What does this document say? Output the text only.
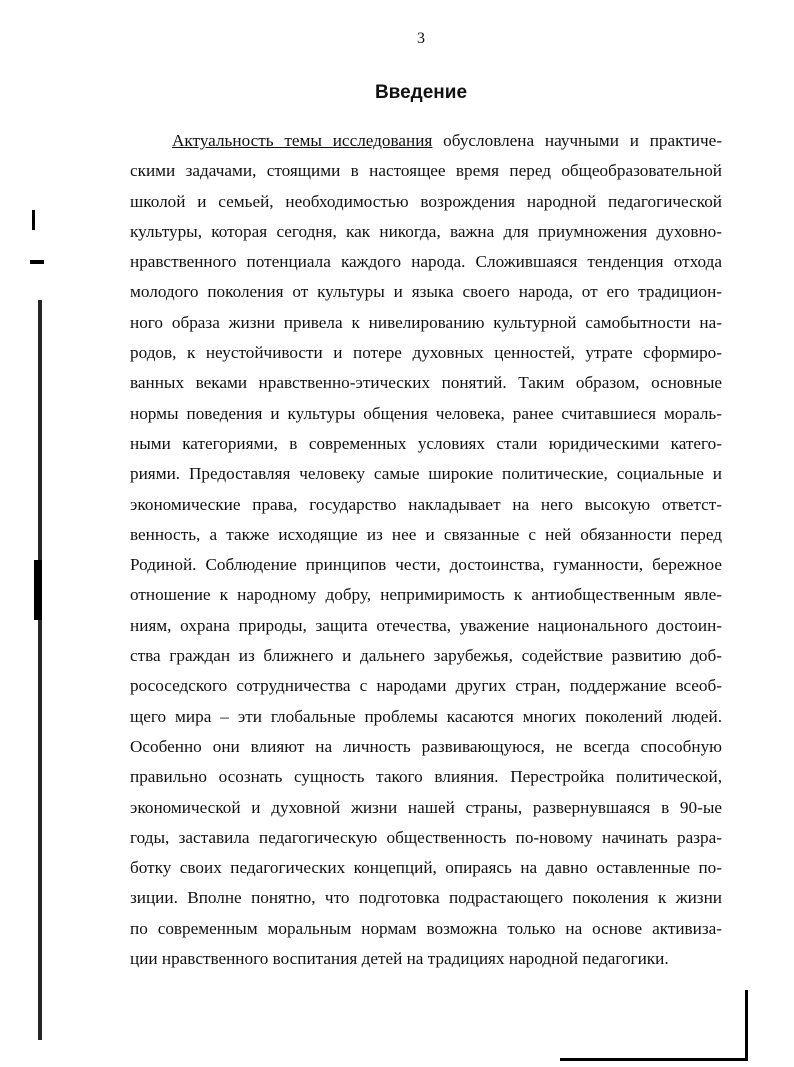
3
Введение
Актуальность темы исследования обусловлена научными и практиче-
скими задачами, стоящими в настоящее время перед общеобразовательной
школой и семьей, необходимостью возрождения народной педагогической
культуры, которая сегодня, как никогда, важна для приумножения духовно-
нравственного потенциала каждого народа. Сложившаяся тенденция отхода
молодого поколения от культуры и языка своего народа, от его традицион-
ного образа жизни привела к нивелированию культурной самобытности на-
родов, к неустойчивости и потере духовных ценностей, утрате сформиро-
ванных веками нравственно-этических понятий. Таким образом, основные
нормы поведения и культуры общения человека, ранее считавшиеся мораль-
ными категориями, в современных условиях стали юридическими катего-
риями. Предоставляя человеку самые широкие политические, социальные и
экономические права, государство накладывает на него высокую ответст-
венность, а также исходящие из нее и связанные с ней обязанности перед
Родиной. Соблюдение принципов чести, достоинства, гуманности, бережное
отношение к народному добру, непримиримость к антиобщественным явле-
ниям, охрана природы, защита отечества, уважение национального достоин-
ства граждан из ближнего и дальнего зарубежья, содействие развитию доб-
рососедского сотрудничества с народами других стран, поддержание всеоб-
щего мира – эти глобальные проблемы касаются многих поколений людей.
Особенно они влияют на личность развивающуюся, не всегда способную
правильно осознать сущность такого влияния. Перестройка политической,
экономической и духовной жизни нашей страны, развернувшаяся в 90-ые
годы, заставила педагогическую общественность по-новому начинать разра-
ботку своих педагогических концепций, опираясь на давно оставленные по-
зиции. Вполне понятно, что подготовка подрастающего поколения к жизни
по современным моральным нормам возможна только на основе активиза-
ции нравственного воспитания детей на традициях народной педагогики.
